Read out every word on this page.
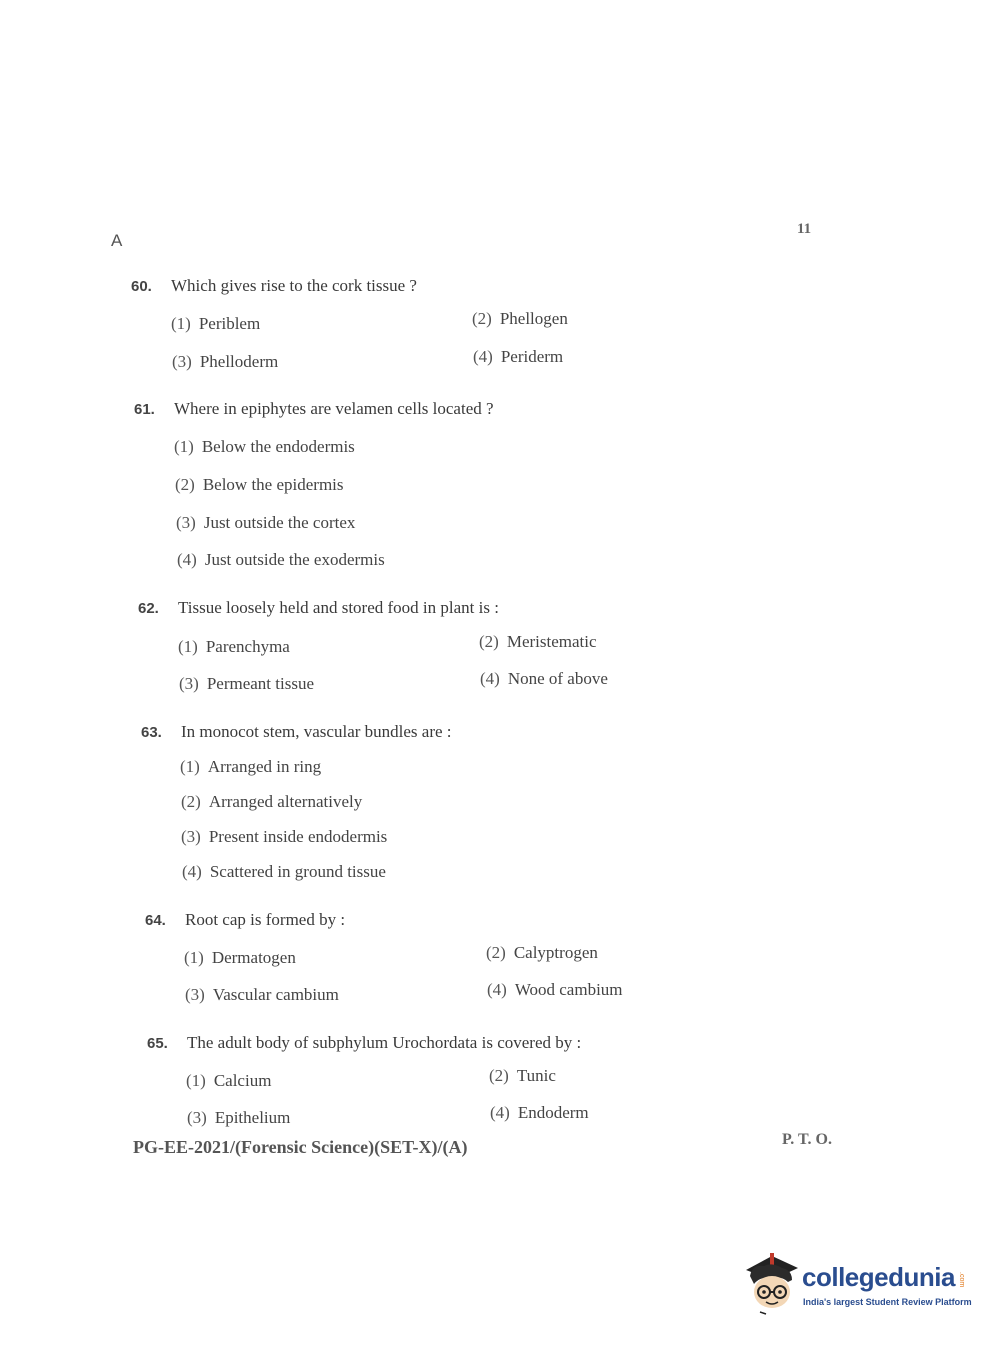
A
11
60. Which gives rise to the cork tissue ?
(1) Periblem	(2) Phellogen
(3) Phelloderm	(4) Periderm
61. Where in epiphytes are velamen cells located ?
(1) Below the endodermis
(2) Below the epidermis
(3) Just outside the cortex
(4) Just outside the exodermis
62. Tissue loosely held and stored food in plant is :
(1) Parenchyma	(2) Meristematic
(3) Permeant tissue	(4) None of above
63. In monocot stem, vascular bundles are :
(1) Arranged in ring
(2) Arranged alternatively
(3) Present inside endodermis
(4) Scattered in ground tissue
64. Root cap is formed by :
(1) Dermatogen	(2) Calyptrogen
(3) Vascular cambium	(4) Wood cambium
65. The adult body of subphylum Urochordata is covered by :
(1) Calcium	(2) Tunic
(3) Epithelium	(4) Endoderm
PG-EE-2021/(Forensic Science)(SET-X)/(A)	P. T. O.
collegedunia .com
India's largest Student Review Platform
